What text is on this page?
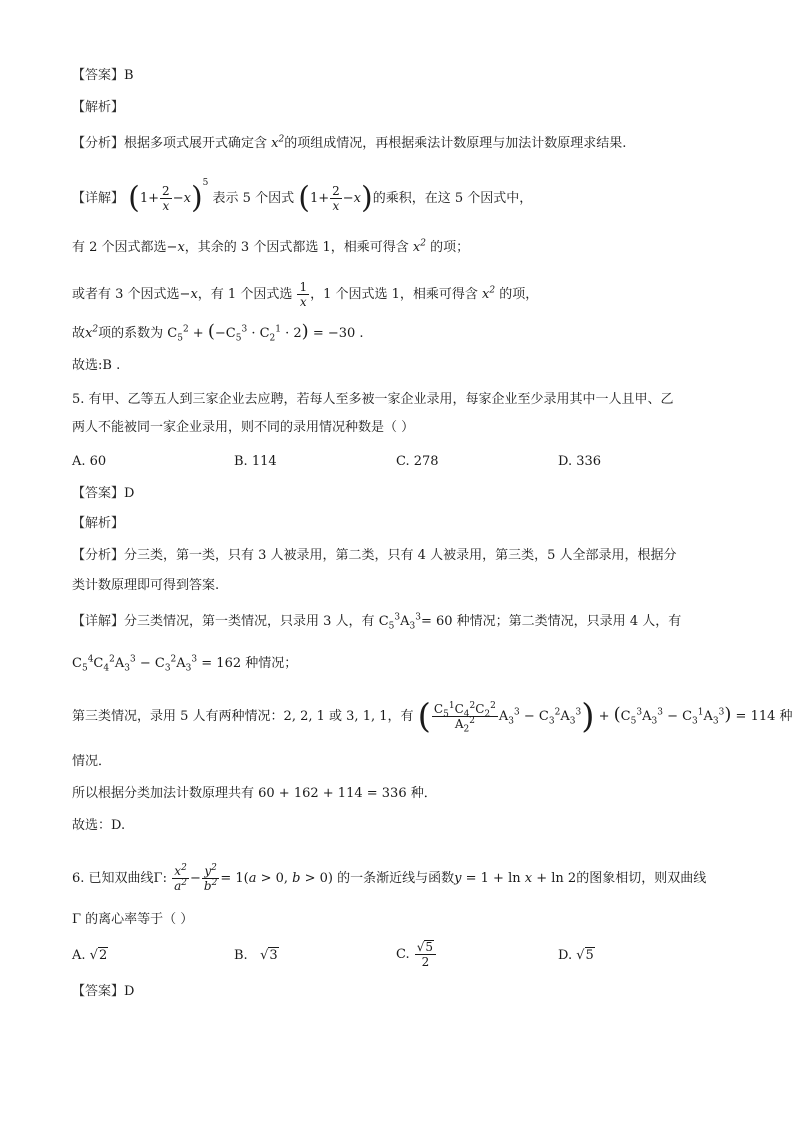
【答案】B
【解析】
【分析】根据多项式展开式确定含 $x^2$的项组成情况，再根据乘法计数原理与加法计数原理求结果.
【详解】 $(1+ \frac{2}{x} -x)^5$ 表示 5 个因式 $(1+ \frac{2}{x} -x)$的乘积，在这 5 个因式中，
有 2 个因式都选−x，其余的 3 个因式都选 1，相乘可得含 $x^2$ 的项；
或者有 3 个因式选−x，有 1 个因式选 $\frac{1}{x}$ ，1 个因式选 1，相乘可得含 $x^2$ 的项，
故$x^2$项的系数为 $C_5^2 + (-C_5^3 \cdot C_2^1 \cdot 2) = -30$ .
故选:B .
5. 有甲、乙等五人到三家企业去应聘，若每人至多被一家企业录用，每家企业至少录用其中一人且甲、乙
两人不能被同一家企业录用，则不同的录用情况种数是（ ）
A. 60	B. 114	C. 278	D. 336
【答案】D
【解析】
【分析】分三类，第一类，只有 3 人被录用，第二类，只有 4 人被录用，第三类，5 人全部录用，根据分
类计数原理即可得到答案.
【详解】分三类情况，第一类情况，只录用 3 人，有 $C_5^3A_3^3= 60$ 种情况；第二类情况，只录用 4 人，有
$C_5^4C_4^2A_3^3 - C_3^2A_3^3 = 162$ 种情况；
第三类情况，录用 5 人有两种情况：2, 2, 1 或 3, 1, 1，有 ( $\frac{C_5^1C_4^2C_2^2}{A_2^2} A_3^3 - C_3^2A_3^3) + (C_5^3A_3^3 - C_3^1A_3^3) = 114$ 种
情况．
所以根据分类加法计数原理共有 60 + 162 + 114 = 336 种．
故选：D.
6. 已知双曲线Γ: $\frac{x^2}{a^2} - \frac{y^2}{b^2} = 1(a > 0$, b > 0) 的一条渐近线与函数y = 1 + ln x + ln 2的图象相切，则双曲线
Γ 的离心率等于（ ）
A. √2	B. √3	C. $\frac{√5}{2}$	D. √5
【答案】D
